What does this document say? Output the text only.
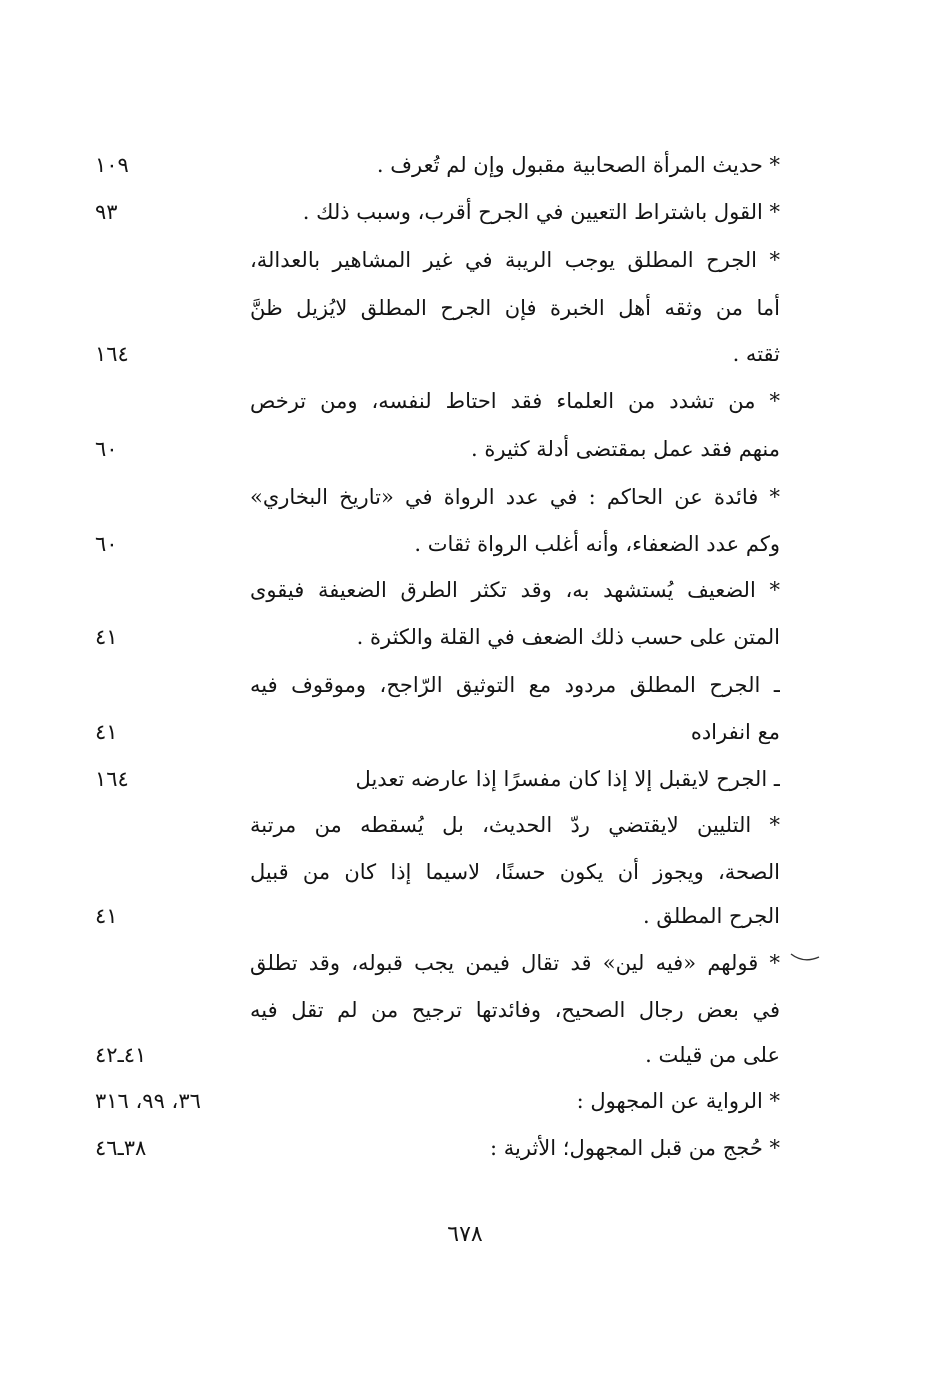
* حديث المرأة الصحابية مقبول وإن لم تُعرف .
* القول باشتراط التعيين في الجرح أقرب، وسبب ذلك .
* الجرح المطلق يوجب الريبة في غير المشاهير بالعدالة،
أما من وثقه أهل الخبرة فإن الجرح المطلق لايُزيل ظنَّ
ثقته .
* من تشدد من العلماء فقد احتاط لنفسه، ومن ترخص
منهم فقد عمل بمقتضى أدلة كثيرة .
* فائدة عن الحاكم : في عدد الرواة في «تاريخ البخاري»
وكم عدد الضعفاء، وأنه أغلب الرواة ثقات .
* الضعيف يُستشهد به، وقد تكثر الطرق الضعيفة فيقوى
المتن على حسب ذلك الضعف في القلة والكثرة .
ـ الجرح المطلق مردود مع التوثيق الرّاجح، وموقوف فيه
مع انفراده
ـ الجرح لايقبل إلا إذا كان مفسرًا إذا عارضه تعديل
* التليين لايقتضي ردّ الحديث، بل يُسقطه من مرتبة
الصحة، ويجوز أن يكون حسنًا، لاسيما إذا كان من قبيل
الجرح المطلق .
* قولهم «فيه لين» قد تقال فيمن يجب قبوله، وقد تطلق
في بعض رجال الصحيح، وفائدتها ترجيح من لم تقل فيه
على من قيلت .
* الرواية عن المجهول :
* حُجج من قبل المجهول؛ الأثرية :
١٠٩
٩٣
١٦٤
٦٠
٦٠
٤١
٤١
١٦٤
٤١
٤١ـ٤٢
٣٦، ٩٩، ٣١٦
٣٨ـ٤٦
٦٧٨
